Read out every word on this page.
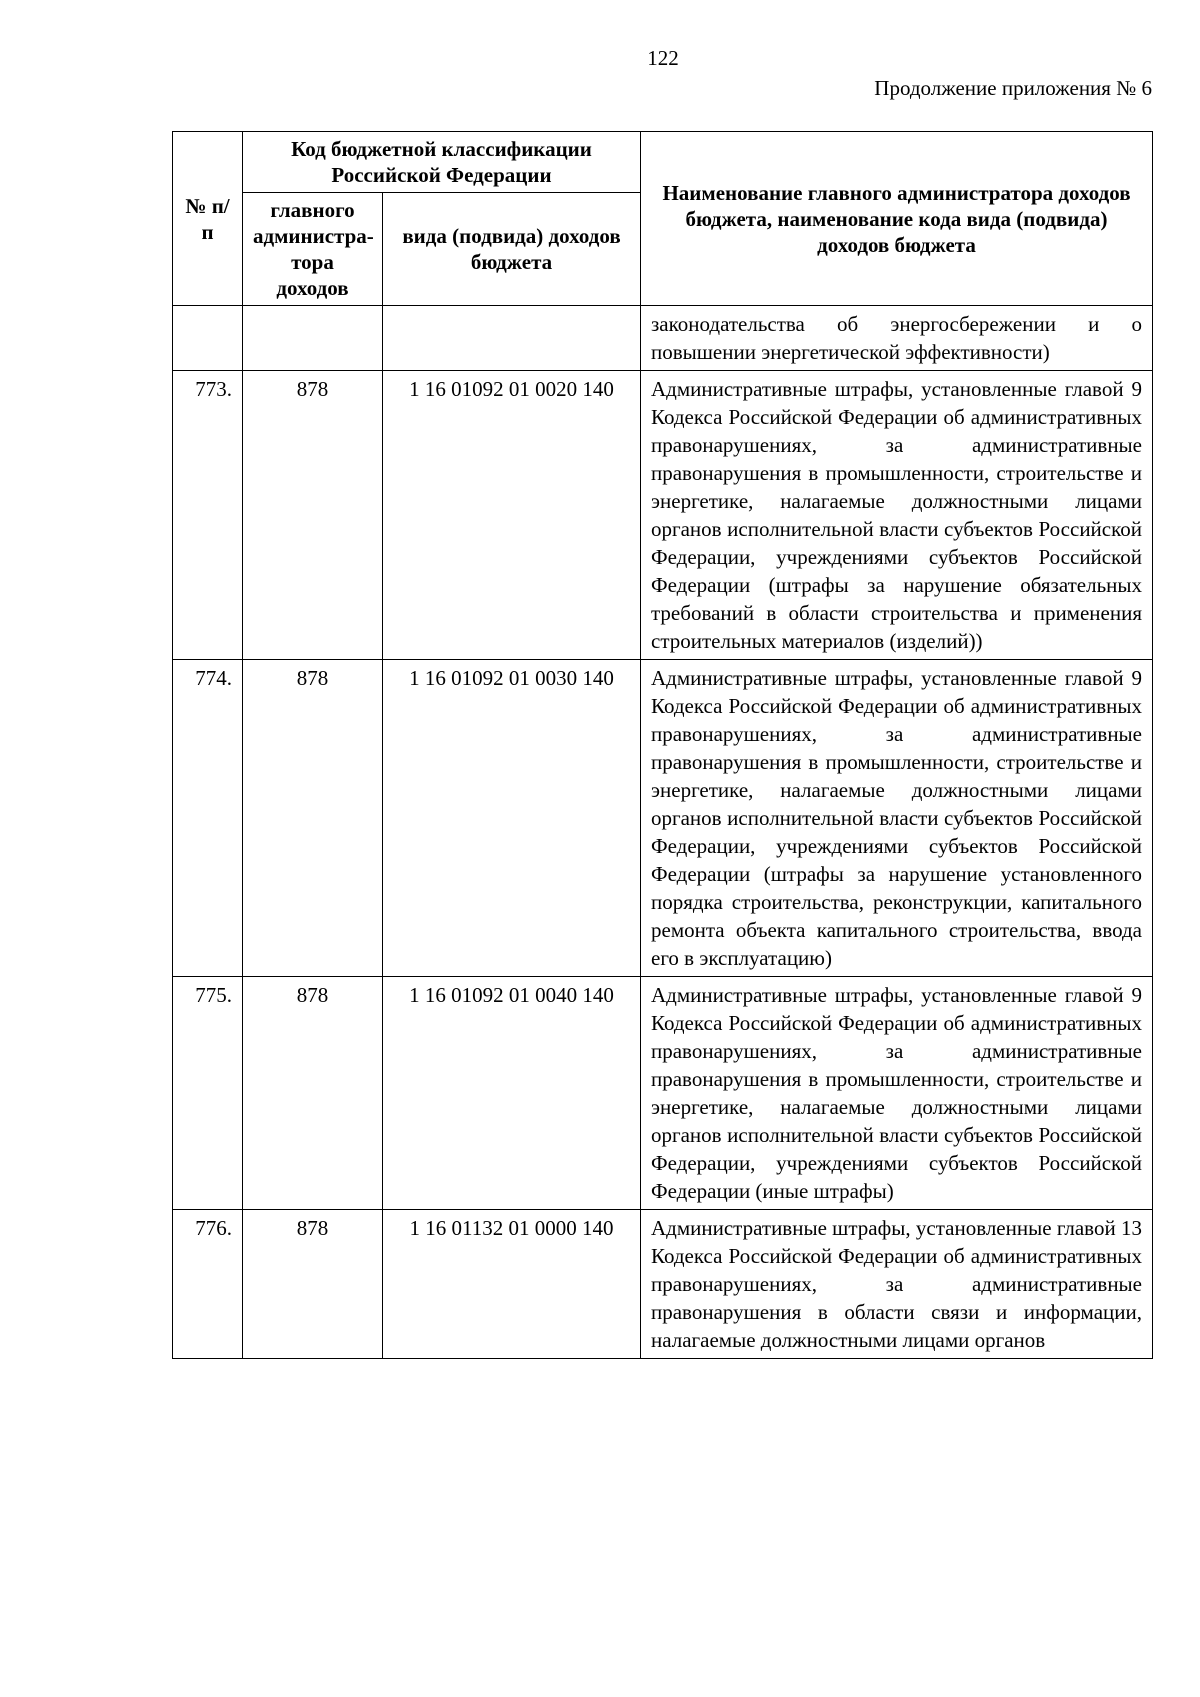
122
Продолжение приложения № 6
№ п/п	Код бюджетной классификации Российской Федерации		Наименование главного администратора доходов бюджета, наименование кода вида (подвида) доходов бюджета
	главного администра-тора доходов	вида (подвида) доходов бюджета	
			законодательства об энергосбережении и о повышении энергетической эффективности)
773.	878	1 16 01092 01 0020 140	Административные штрафы, установленные главой 9 Кодекса Российской Федерации об административных правонарушениях, за административные правонарушения в промышленности, строительстве и энергетике, налагаемые должностными лицами органов исполнительной власти субъектов Российской Федерации, учреждениями субъектов Российской Федерации (штрафы за нарушение обязательных требований в области строительства и применения строительных материалов (изделий))
774.	878	1 16 01092 01 0030 140	Административные штрафы, установленные главой 9 Кодекса Российской Федерации об административных правонарушениях, за административные правонарушения в промышленности, строительстве и энергетике, налагаемые должностными лицами органов исполнительной власти субъектов Российской Федерации, учреждениями субъектов Российской Федерации (штрафы за нарушение установленного порядка строительства, реконструкции, капитального ремонта объекта капитального строительства, ввода его в эксплуатацию)
775.	878	1 16 01092 01 0040 140	Административные штрафы, установленные главой 9 Кодекса Российской Федерации об административных правонарушениях, за административные правонарушения в промышленности, строительстве и энергетике, налагаемые должностными лицами органов исполнительной власти субъектов Российской Федерации, учреждениями субъектов Российской Федерации (иные штрафы)
776.	878	1 16 01132 01 0000 140	Административные штрафы, установленные главой 13 Кодекса Российской Федерации об административных правонарушениях, за административные правонарушения в области связи и информации, налагаемые должностными лицами органов
